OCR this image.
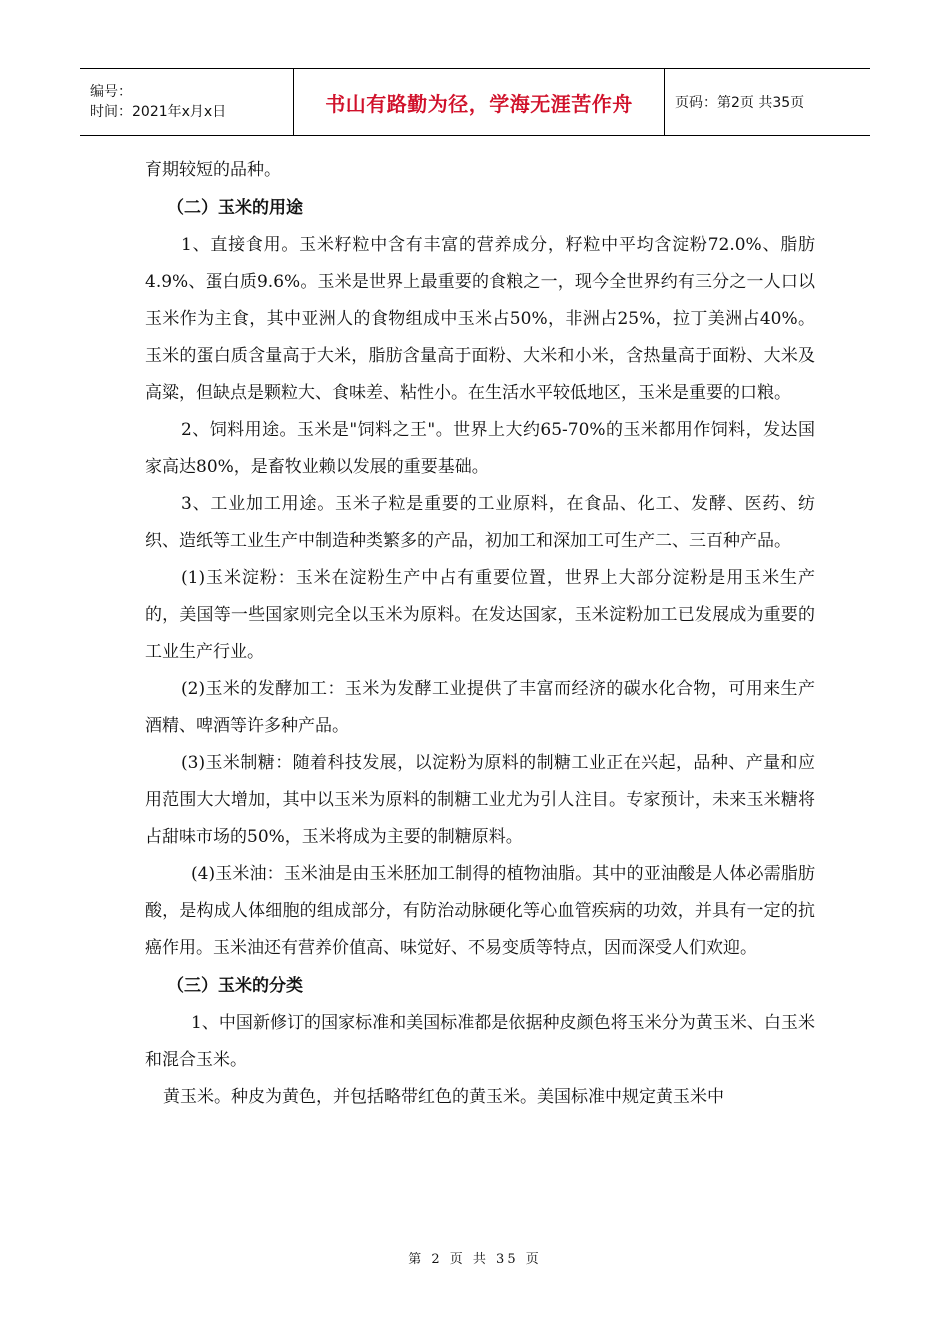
编号：
时间：2021年x月x日	书山有路勤为径，学海无涯苦作舟	页码：第2页 共35页

育期较短的品种。

（二）玉米的用途

1、直接食用。玉米籽粒中含有丰富的营养成分，籽粒中平均含淀粉72.0%、脂肪4.9%、蛋白质9.6%。玉米是世界上最重要的食粮之一，现今全世界约有三分之一人口以玉米作为主食，其中亚洲人的食物组成中玉米占50%，非洲占25%，拉丁美洲占40%。玉米的蛋白质含量高于大米，脂肪含量高于面粉、大米和小米，含热量高于面粉、大米及高粱，但缺点是颗粒大、食味差、粘性小。在生活水平较低地区，玉米是重要的口粮。

2、饲料用途。玉米是"饲料之王"。世界上大约65-70%的玉米都用作饲料，发达国家高达80%，是畜牧业赖以发展的重要基础。

3、工业加工用途。玉米子粒是重要的工业原料，在食品、化工、发酵、医药、纺织、造纸等工业生产中制造种类繁多的产品，初加工和深加工可生产二、三百种产品。

(1)玉米淀粉：玉米在淀粉生产中占有重要位置，世界上大部分淀粉是用玉米生产的，美国等一些国家则完全以玉米为原料。在发达国家，玉米淀粉加工已发展成为重要的工业生产行业。

(2)玉米的发酵加工：玉米为发酵工业提供了丰富而经济的碳水化合物，可用来生产酒精、啤酒等许多种产品。

(3)玉米制糖：随着科技发展，以淀粉为原料的制糖工业正在兴起，品种、产量和应用范围大大增加，其中以玉米为原料的制糖工业尤为引人注目。专家预计，未来玉米糖将占甜味市场的50%，玉米将成为主要的制糖原料。

(4)玉米油：玉米油是由玉米胚加工制得的植物油脂。其中的亚油酸是人体必需脂肪酸，是构成人体细胞的组成部分，有防治动脉硬化等心血管疾病的功效，并具有一定的抗癌作用。玉米油还有营养价值高、味觉好、不易变质等特点，因而深受人们欢迎。

（三）玉米的分类

1、中国新修订的国家标准和美国标准都是依据种皮颜色将玉米分为黄玉米、白玉米和混合玉米。

黄玉米。种皮为黄色，并包括略带红色的黄玉米。美国标准中规定黄玉米中

第 2 页 共 35 页
